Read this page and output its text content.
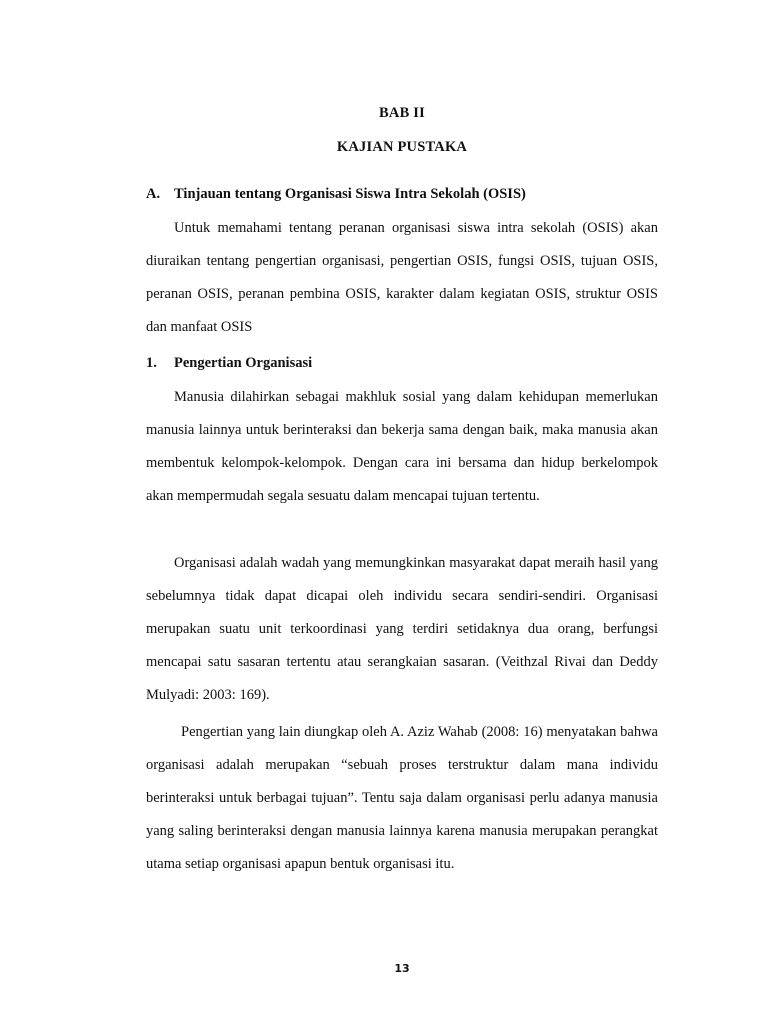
BAB II
KAJIAN PUSTAKA
A. Tinjauan tentang Organisasi Siswa Intra Sekolah (OSIS)

Untuk memahami tentang peranan organisasi siswa intra sekolah (OSIS) akan diuraikan tentang pengertian organisasi, pengertian OSIS, fungsi OSIS, tujuan OSIS, peranan OSIS, peranan pembina OSIS, karakter dalam kegiatan OSIS, struktur OSIS dan manfaat OSIS

1. Pengertian Organisasi

Manusia dilahirkan sebagai makhluk sosial yang dalam kehidupan memerlukan manusia lainnya untuk berinteraksi dan bekerja sama dengan baik, maka manusia akan membentuk kelompok-kelompok. Dengan cara ini bersama dan hidup berkelompok akan mempermudah segala sesuatu dalam mencapai tujuan tertentu.

Organisasi adalah wadah yang memungkinkan masyarakat dapat meraih hasil yang sebelumnya tidak dapat dicapai oleh individu secara sendiri-sendiri. Organisasi merupakan suatu unit terkoordinasi yang terdiri setidaknya dua orang, berfungsi mencapai satu sasaran tertentu atau serangkaian sasaran. (Veithzal Rivai dan Deddy Mulyadi: 2003: 169).

Pengertian yang lain diungkap oleh A. Aziz Wahab (2008: 16) menyatakan bahwa organisasi adalah merupakan “sebuah proses terstruktur dalam mana individu berinteraksi untuk berbagai tujuan”. Tentu saja dalam organisasi perlu adanya manusia yang saling berinteraksi dengan manusia lainnya karena manusia merupakan perangkat utama setiap organisasi apapun bentuk organisasi itu.

13
